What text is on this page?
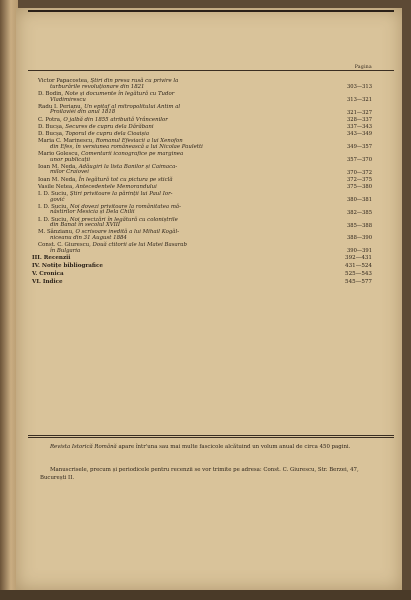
Pagina
Victor Papacostea, Știri din presa rusă cu privire la
turburările revoluționare din 1821	303—313
D. Bodin, Note și documente în legătură cu Tudor
Vladimirescu	313—321
Radu I. Perianu, Un epitaf al mitropolitului Antim al
Proilaviéi din anul 1818	321—327
C. Potra, O jalbă din 1855 atribuită Vrâncenilor	328—337
D. Bucșa, Secures de cupru dela Dărăbani	337—343
D. Bucșa, Toporul de cupru dela Cioaișia	343—349
Maria C. Marinescu, Romanul Efesiacii a lui Xenofon
din Efes, în versiunea românească a lui Nicolae Pauletti	349—357
Mario Golescu, Comentarii iconografice pe marginea
unor publicații	357—370
Ioan M. Neda, Adăugiri la lista Banilor și Caimaca-
milor Craiovei	370—372
Ioan M. Neda, În legătură tot cu pictura pe sticlă	372—375
Vasile Netea, Antecedentele Memorandului	375—380
I. D. Suciu, Știri privitoare la părinții lui Paul Ior-
gović	380—381
I. D. Suciu, Noi dovezi privitoare la românitatea mă-
năstirilor Mesicia și Dela Chilii	382—385
I. D. Suciu, Noi precizări în legătură cu coloniștrile
din Banat în secolul XVIII	385—388
M. Sânzianu, O scrisoare inedită a lui Mihail Kogăl-
niceanu din 31 August 1884	388—390
Const. C. Giurescu, Două ctitorii ale lui Matei Basarab
în Bulgaria	390—391
III. Recenzii	392—431
IV. Notițe bibliografice	431—524
V. Cronica	525—543
VI. Indice	545—577
Revista Istorică Română apare într'una sau mai multe fascicole alcătuind un volum anual de circa 450 pagini.
Manuscrisele, precum și periodicele pentru recenzii se vor trimite pe adresa: Const. C. Giurescu, Str. Berzei, 47, București II.
